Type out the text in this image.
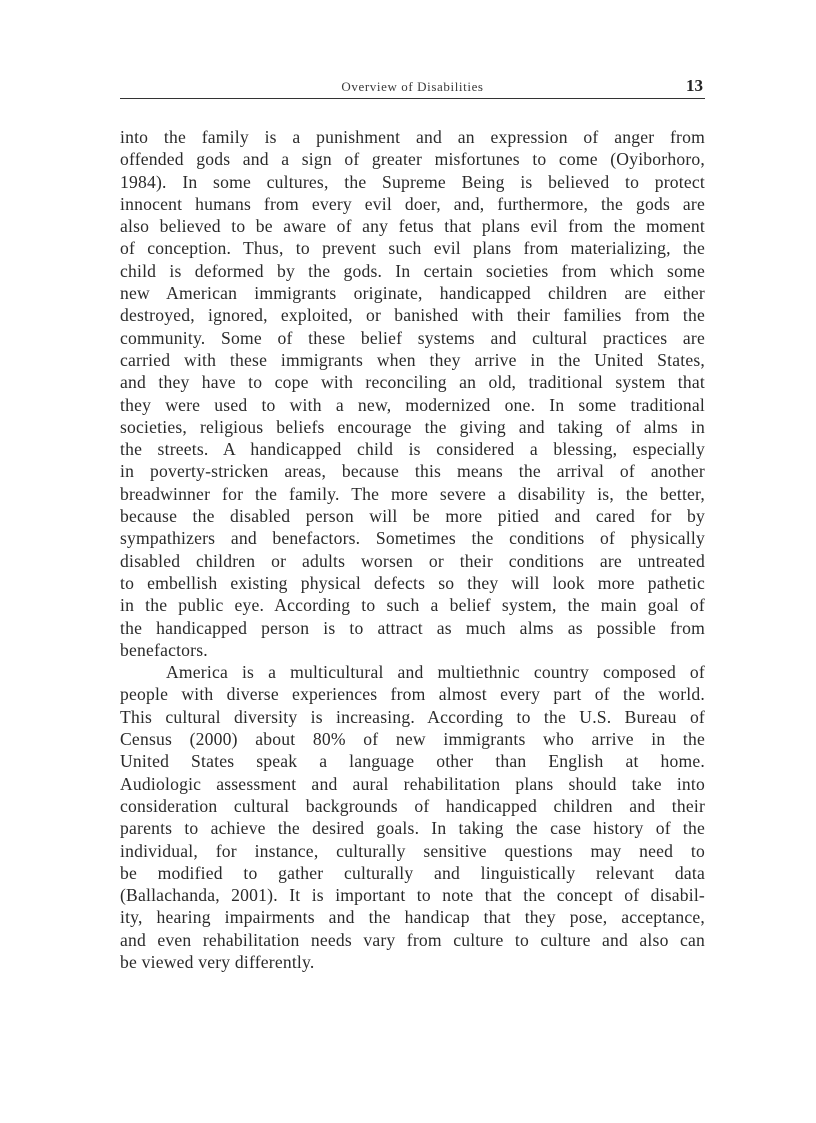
Overview of Disabilities	13

into the family is a punishment and an expression of anger from
offended gods and a sign of greater misfortunes to come (Oyiborhoro,
1984). In some cultures, the Supreme Being is believed to protect
innocent humans from every evil doer, and, furthermore, the gods are
also believed to be aware of any fetus that plans evil from the moment
of conception. Thus, to prevent such evil plans from materializing, the
child is deformed by the gods. In certain societies from which some
new American immigrants originate, handicapped children are either
destroyed, ignored, exploited, or banished with their families from the
community. Some of these belief systems and cultural practices are
carried with these immigrants when they arrive in the United States,
and they have to cope with reconciling an old, traditional system that
they were used to with a new, modernized one. In some traditional
societies, religious beliefs encourage the giving and taking of alms in
the streets. A handicapped child is considered a blessing, especially
in poverty-stricken areas, because this means the arrival of another
breadwinner for the family. The more severe a disability is, the better,
because the disabled person will be more pitied and cared for by
sympathizers and benefactors. Sometimes the conditions of physically
disabled children or adults worsen or their conditions are untreated
to embellish existing physical defects so they will look more pathetic
in the public eye. According to such a belief system, the main goal of
the handicapped person is to attract as much alms as possible from
benefactors.

America is a multicultural and multiethnic country composed of
people with diverse experiences from almost every part of the world.
This cultural diversity is increasing. According to the U.S. Bureau of
Census (2000) about 80% of new immigrants who arrive in the
United States speak a language other than English at home.
Audiologic assessment and aural rehabilitation plans should take into
consideration cultural backgrounds of handicapped children and their
parents to achieve the desired goals. In taking the case history of the
individual, for instance, culturally sensitive questions may need to
be modified to gather culturally and linguistically relevant data
(Ballachanda, 2001). It is important to note that the concept of disabil-
ity, hearing impairments and the handicap that they pose, acceptance,
and even rehabilitation needs vary from culture to culture and also can
be viewed very differently.
